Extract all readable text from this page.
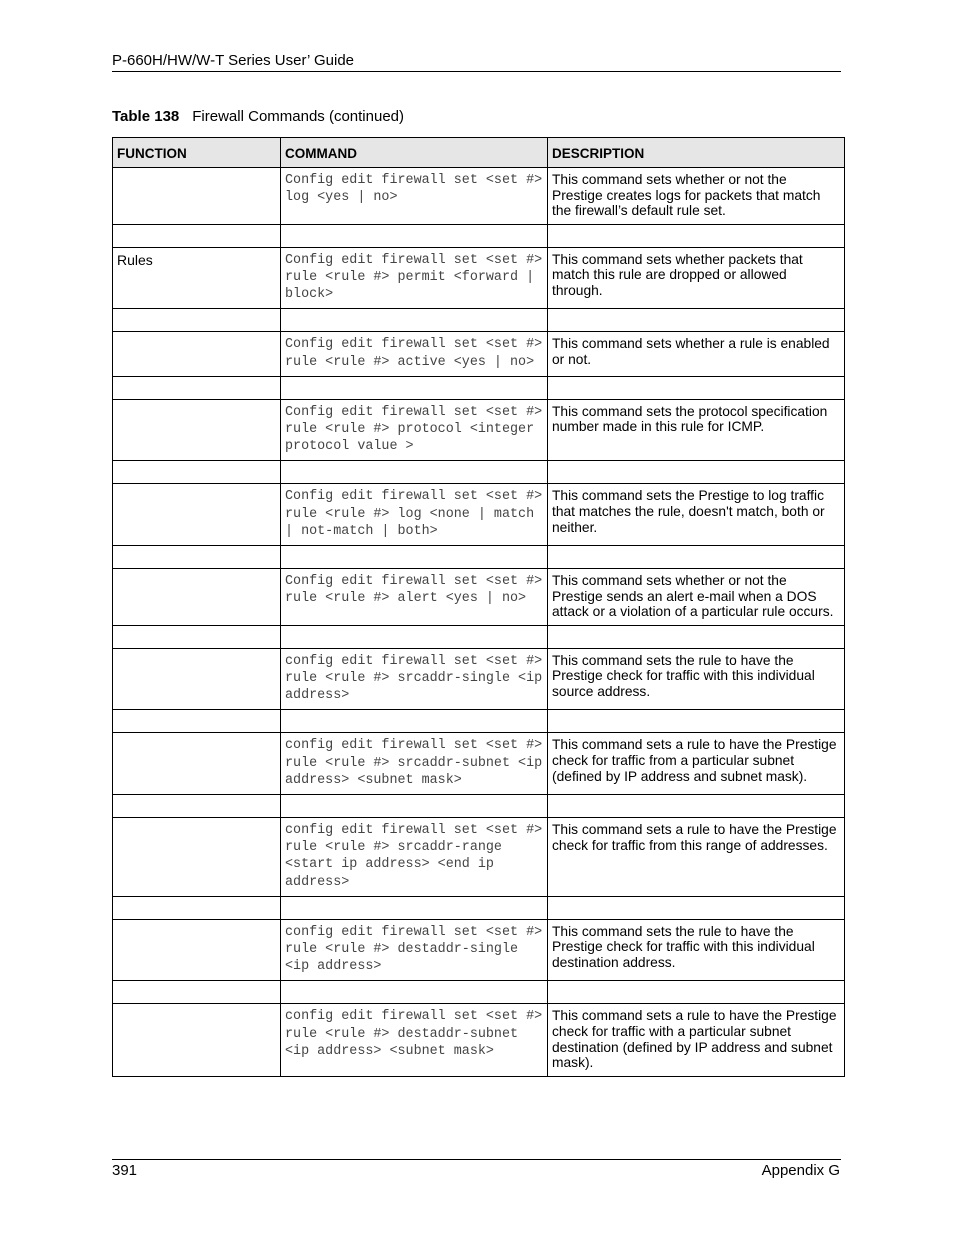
P-660H/HW/W-T Series User’ Guide
Table 138 Firewall Commands (continued)
FUNCTION	COMMAND	DESCRIPTION
	Config edit firewall set <set #> log <yes | no>	This command sets whether or not the Prestige creates logs for packets that match the firewall’s default rule set.

Rules	Config edit firewall set <set #> rule <rule #> permit <forward | block>	This command sets whether packets that match this rule are dropped or allowed through.

	Config edit firewall set <set #> rule <rule #> active <yes | no>	This command sets whether a rule is enabled or not.

	Config edit firewall set <set #> rule <rule #> protocol <integer protocol value >	This command sets the protocol specification number made in this rule for ICMP.

	Config edit firewall set <set #> rule <rule #> log <none | match | not-match | both>	This command sets the Prestige to log traffic that matches the rule, doesn't match, both or neither.

	Config edit firewall set <set #> rule <rule #> alert <yes | no>	This command sets whether or not the Prestige sends an alert e-mail when a DOS attack or a violation of a particular rule occurs.

	config edit firewall set <set #> rule <rule #> srcaddr-single <ip address>	This command sets the rule to have the Prestige check for traffic with this individual source address.

	config edit firewall set <set #> rule <rule #> srcaddr-subnet <ip address> <subnet mask>	This command sets a rule to have the Prestige check for traffic from a particular subnet (defined by IP address and subnet mask).

	config edit firewall set <set #> rule <rule #> srcaddr-range <start ip address> <end ip address>	This command sets a rule to have the Prestige check for traffic from this range of addresses.

	config edit firewall set <set #> rule <rule #> destaddr-single <ip address>	This command sets the rule to have the Prestige check for traffic with this individual destination address.

	config edit firewall set <set #> rule <rule #> destaddr-subnet <ip address> <subnet mask>	This command sets a rule to have the Prestige check for traffic with a particular subnet destination (defined by IP address and subnet mask).
391	Appendix G
